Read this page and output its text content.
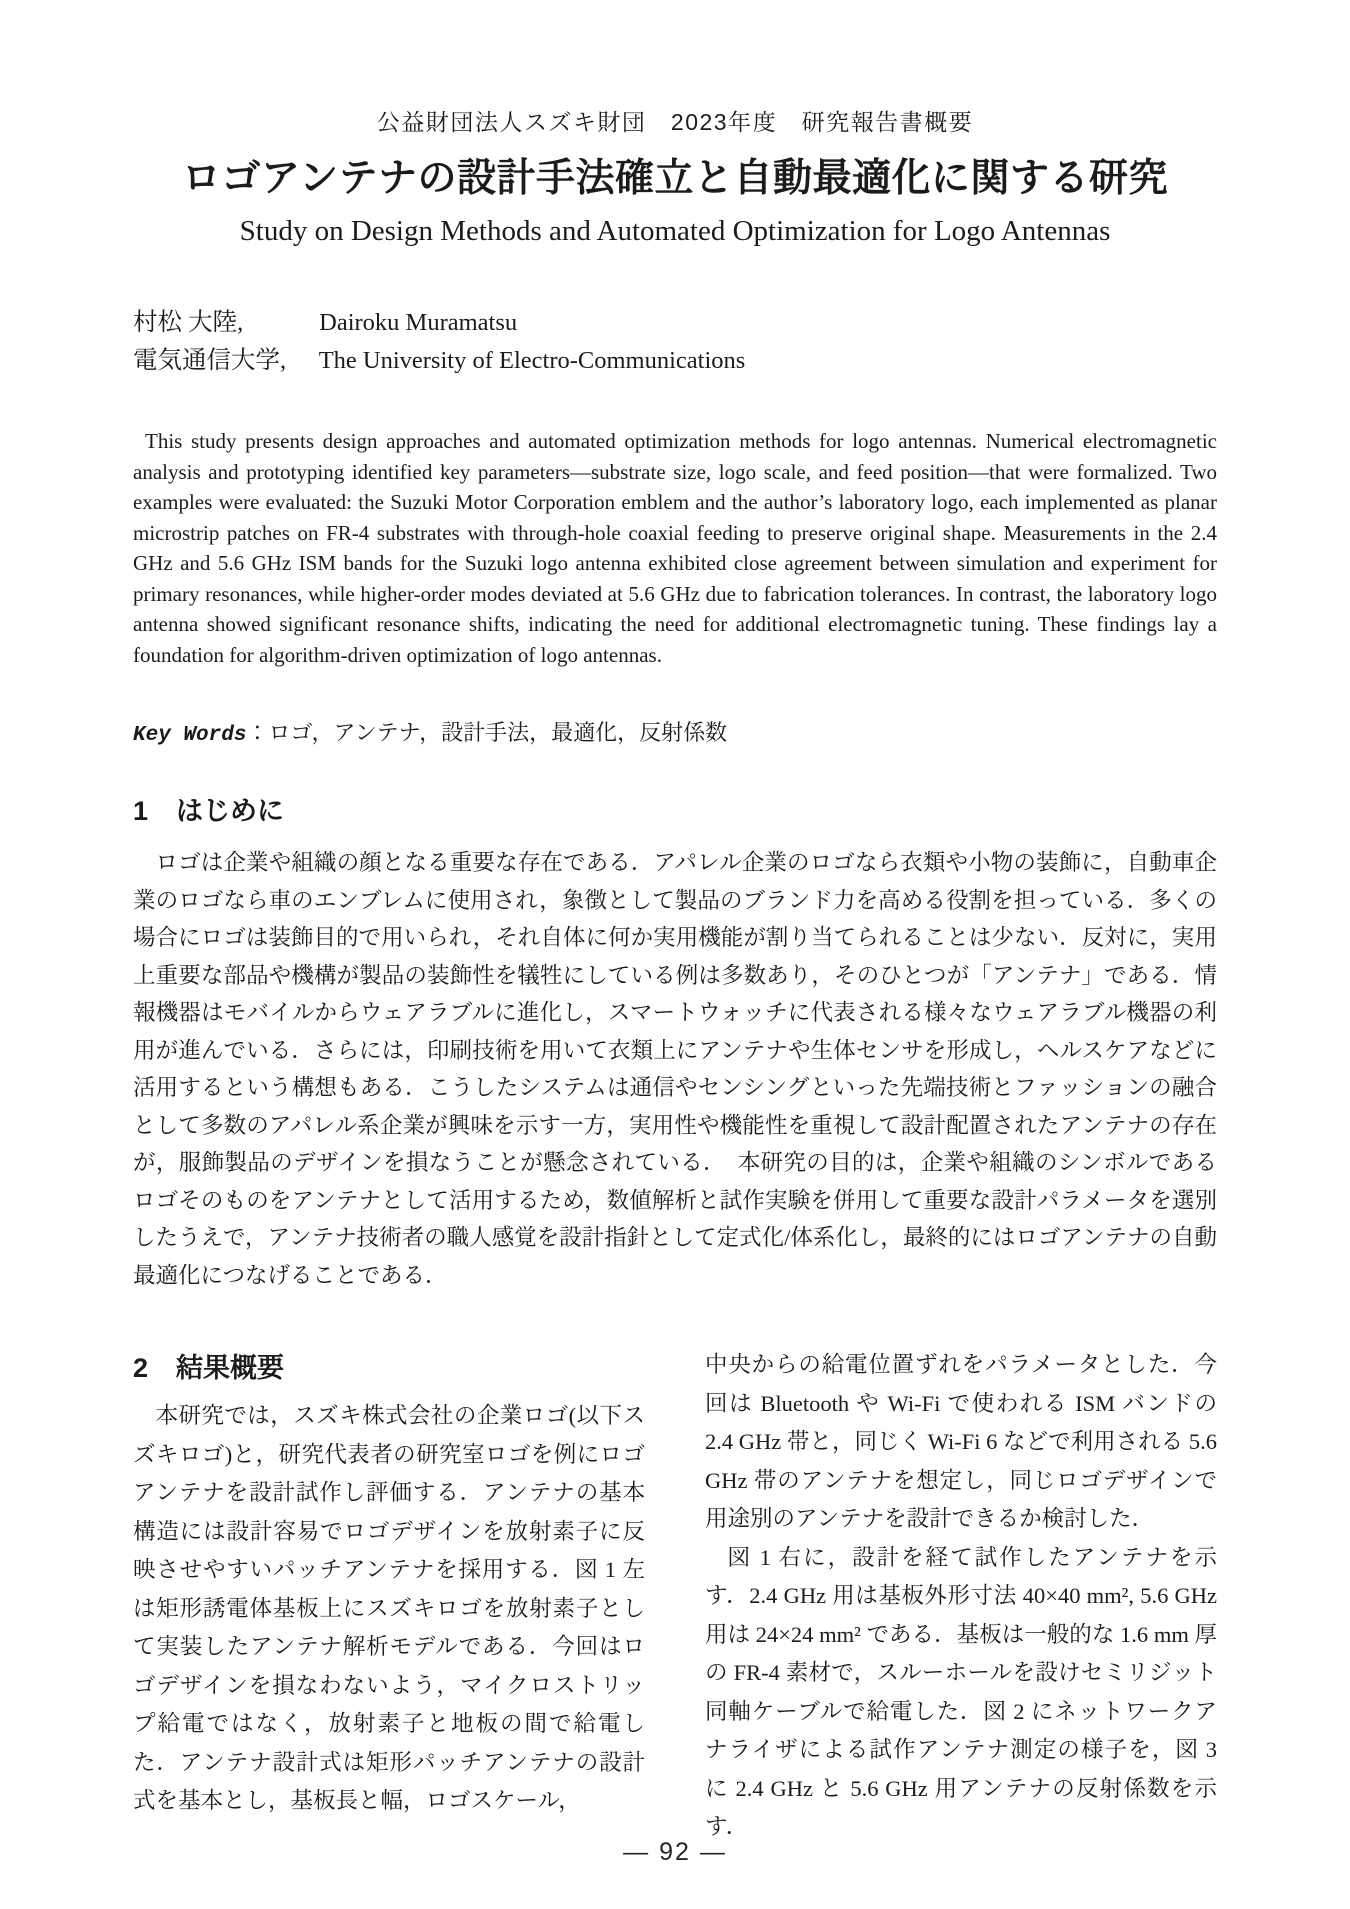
公益財団法人スズキ財団　2023年度　研究報告書概要
ロゴアンテナの設計手法確立と自動最適化に関する研究
Study on Design Methods and Automated Optimization for Logo Antennas
村松 大陸,	Dairoku Muramatsu
電気通信大学, The University of Electro-Communications

This study presents design approaches and automated optimization methods for logo antennas. Numerical electromagnetic analysis and prototyping identified key parameters—substrate size, logo scale, and feed position—that were formalized. Two examples were evaluated: the Suzuki Motor Corporation emblem and the author’s laboratory logo, each implemented as planar microstrip patches on FR-4 substrates with through-hole coaxial feeding to preserve original shape. Measurements in the 2.4 GHz and 5.6 GHz ISM bands for the Suzuki logo antenna exhibited close agreement between simulation and experiment for primary resonances, while higher-order modes deviated at 5.6 GHz due to fabrication tolerances. In contrast, the laboratory logo antenna showed significant resonance shifts, indicating the need for additional electromagnetic tuning. These findings lay a foundation for algorithm-driven optimization of logo antennas.

Key Words：ロゴ，アンテナ，設計手法，最適化，反射係数
1 はじめに

ロゴは企業や組織の顔となる重要な存在である．アパレル企業のロゴなら衣類や小物の装飾に，自動車企業のロゴなら車のエンブレムに使用され，象徴として製品のブランド力を高める役割を担っている．多くの場合にロゴは装飾目的で用いられ，それ自体に何か実用機能が割り当てられることは少ない．反対に，実用上重要な部品や機構が製品の装飾性を犠牲にしている例は多数あり，そのひとつが「アンテナ」である．情報機器はモバイルからウェアラブルに進化し，スマートウォッチに代表される様々なウェアラブル機器の利用が進んでいる．さらには，印刷技術を用いて衣類上にアンテナや生体センサを形成し，ヘルスケアなどに活用するという構想もある．こうしたシステムは通信やセンシングといった先端技術とファッションの融合として多数のアパレル系企業が興味を示す一方，実用性や機能性を重視して設計配置されたアンテナの存在が，服飾製品のデザインを損なうことが懸念されている．　本研究の目的は，企業や組織のシンボルであるロゴそのものをアンテナとして活用するため，数値解析と試作実験を併用して重要な設計パラメータを選別したうえで，アンテナ技術者の職人感覚を設計指針として定式化/体系化し，最終的にはロゴアンテナの自動最適化につなげることである．

2 結果概要

本研究では，スズキ株式会社の企業ロゴ(以下スズキロゴ)と，研究代表者の研究室ロゴを例にロゴアンテナを設計試作し評価する．アンテナの基本構造には設計容易でロゴデザインを放射素子に反映させやすいパッチアンテナを採用する．図 1 左は矩形誘電体基板上にスズキロゴを放射素子として実装したアンテナ解析モデルである．今回はロゴデザインを損なわないよう，マイクロストリップ給電ではなく，放射素子と地板の間で給電した．アンテナ設計式は矩形パッチアンテナの設計式を基本とし，基板長と幅，ロゴスケール，

中央からの給電位置ずれをパラメータとした．今回は Bluetooth や Wi-Fi で使われる ISM バンドの 2.4 GHz 帯と，同じく Wi-Fi 6 などで利用される 5.6 GHz 帯のアンテナを想定し，同じロゴデザインで用途別のアンテナを設計できるか検討した．

図 1 右に，設計を経て試作したアンテナを示す．2.4 GHz 用は基板外形寸法 40×40 mm², 5.6 GHz 用は 24×24 mm² である．基板は一般的な 1.6 mm 厚の FR-4 素材で，スルーホールを設けセミリジット同軸ケーブルで給電した．図 2 にネットワークアナライザによる試作アンテナ測定の様子を，図 3 に 2.4 GHz と 5.6 GHz 用アンテナの反射係数を示す．

— 92 —
